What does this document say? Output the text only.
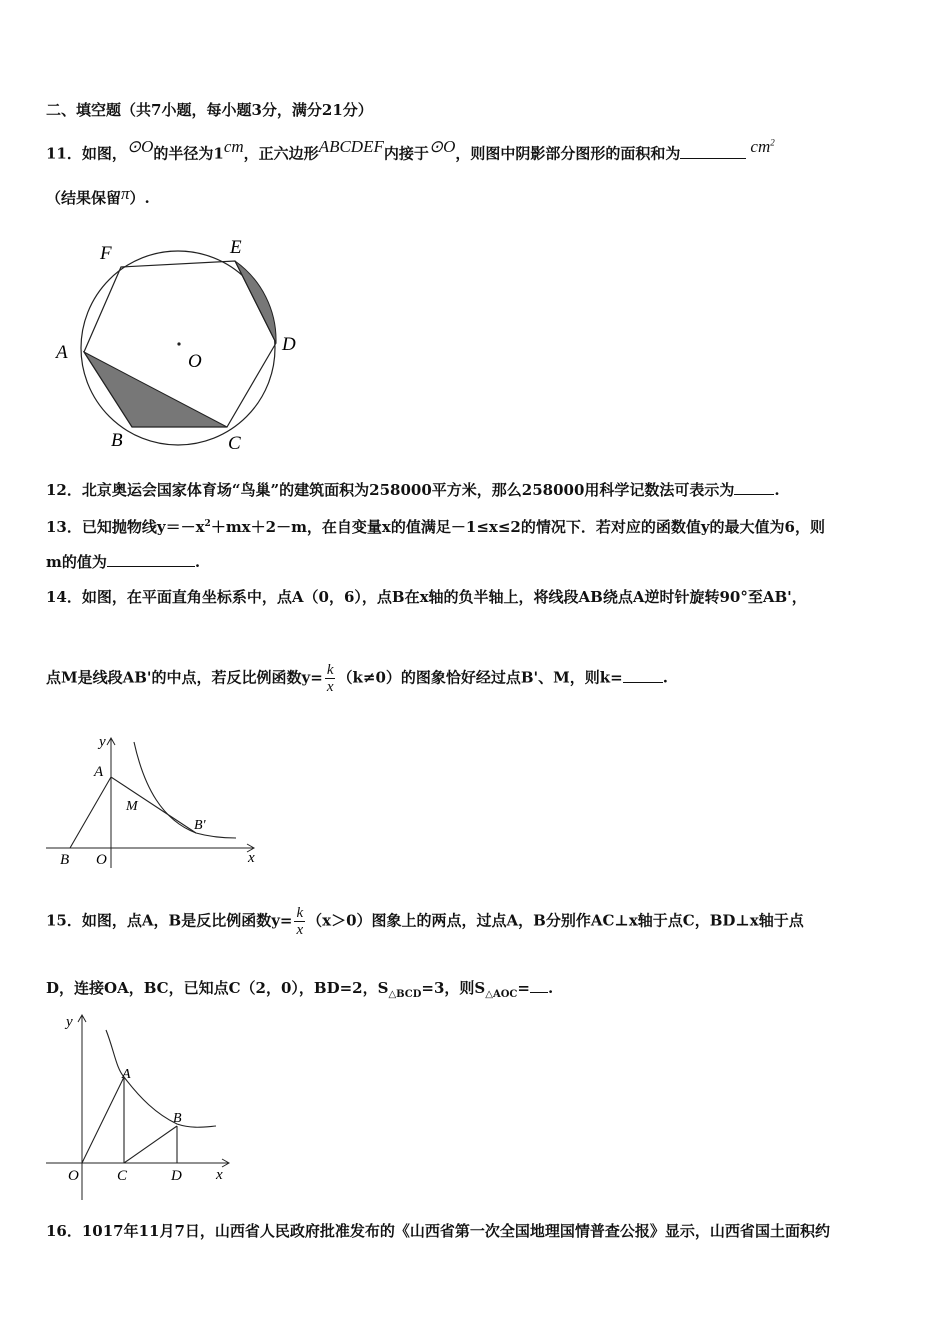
二、填空题（共7小题，每小题3分，满分21分）
11．如图，⊙O的半径为1cm，正六边形ABCDEF内接于⊙O，则图中阴影部分图形的面积和为	$cm^2$
（结果保留π）.
F	E
D
C
B
A	O
12．北京奥运会国家体育场“鸟巢”的建筑面积为258000平方米，那么258000用科学记数法可表示为	.
13．已知抛物线$y=-x^2+mx+2-m$，在自变量x的值满足－1≤x≤2的情况下．若对应的函数值y的最大值为6，则
m的值为	.
14．如图，在平面直角坐标系中，点A（0，6），点B在x轴的负半轴上，将线段AB绕点A逆时针旋转90°至AB'，
点M是线段AB'的中点，若反比例函数$y= \frac{k}{x} (k\ne 0)$的图象恰好经过点B'、M，则k=	.
y
A
M
B'
B O	x
15．如图，点A，B是反比例函数$y= \frac{k}{x} (x>0)$图象上的两点，过点A，B分别作AC⊥x轴于点C，BD⊥x轴于点
D，连接OA，BC，已知点C（2，0），BD=2，$S_{\triangle BCD}=3$，则$S_{\triangle AOC}=$ .
y
A
B
O	C	D x
16．1017年11月7日，山西省人民政府批准发布的《山西省第一次全国地理国情普查公报》显示，山西省国土面积约
